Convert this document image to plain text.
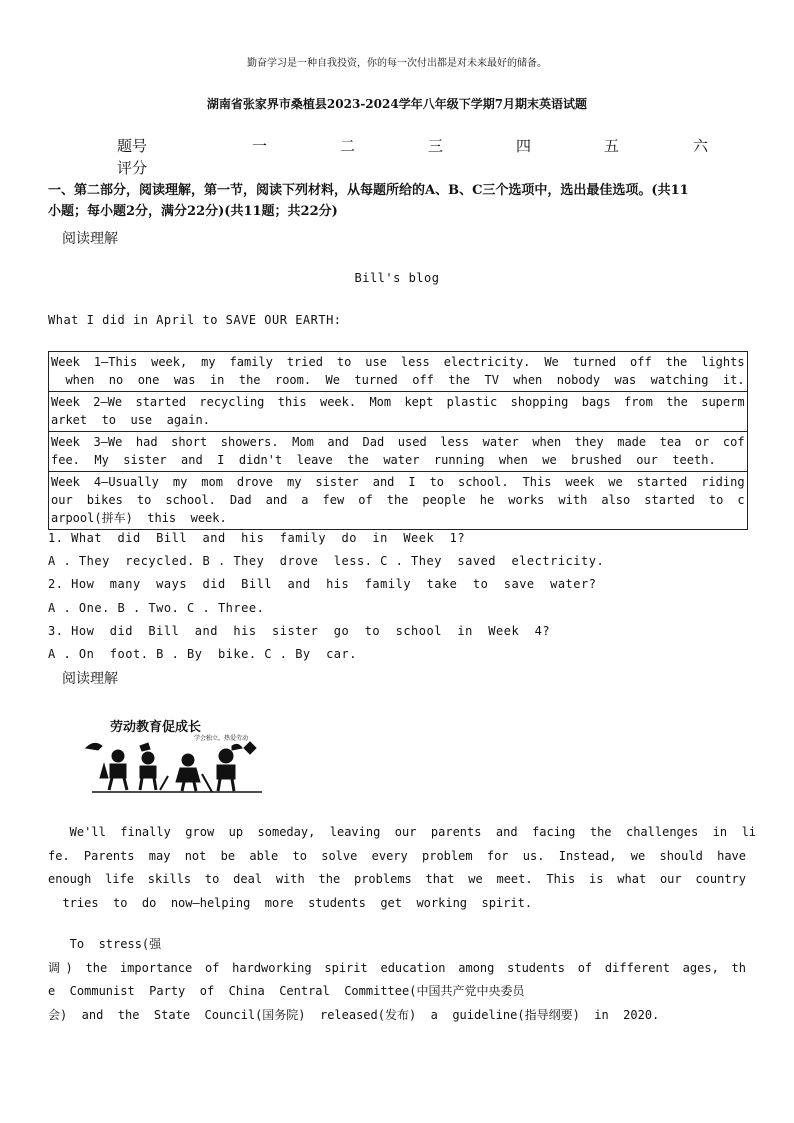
勤奋学习是一种自我投资，你的每一次付出都是对未来最好的储备。
湖南省张家界市桑植县2023-2024学年八年级下学期7月期末英语试题
题号	一	二	三	四	五	六
评分
一、第二部分，阅读理解，第一节，阅读下列材料，从每题所给的A、B、C三个选项中，选出最佳选项。(共11
小题；每小题2分，满分22分)(共11题；共22分)
阅读理解
Bill's blog
What I did in April to SAVE OUR EARTH:
Week 1—This week, my family tried to use less electricity. We turned off the lights
when  no  one  was  in  the  room.  We  turned  off  the  TV  when  nobody  was  watching  it.

Week 2—We started recycling this week. Mom kept plastic shopping bags from the superm
arket  to  use  again.

Week 3—We had short showers. Mom and Dad used less water when they made tea or cof
fee.  My  sister  and  I  didn't  leave  the  water  running  when  we  brushed  our  teeth.

Week 4—Usually my mom drove my sister and I to school. This week we started riding
our bikes to school. Dad and a few of the people he works with also started to c
arpool(拼车)  this  week.
1. What  did  Bill  and  his  family  do  in  Week  1?
A . They  recycled. B . They  drove  less. C . They  saved  electricity.
2. How  many  ways  did  Bill  and  his  family  take  to  save  water?
A . One. B . Two. C . Three.
3. How  did  Bill  and  his  sister  go  to  school  in  Week  4?
A . On  foot. B . By  bike. C . By  car.
阅读理解
劳动教育促成长
学会独立，热爱劳动
We'll  finally  grow  up  someday,  leaving  our  parents  and  facing  the  challenges  in  li
fe. Parents may not be able to solve every problem for us. Instead, we should have
enough life skills to deal with the problems that we meet. This is what our country
tries  to  do  now—helping  more  students  get  working  spirit.
To  stress(强
调) the importance of hardworking spirit education among students of different ages, th
e  Communist  Party  of  China  Central  Committee(中国共产党中央委员
会)  and  the  State  Council(国务院)  released(发布)  a  guideline(指导纲要)  in  2020.
